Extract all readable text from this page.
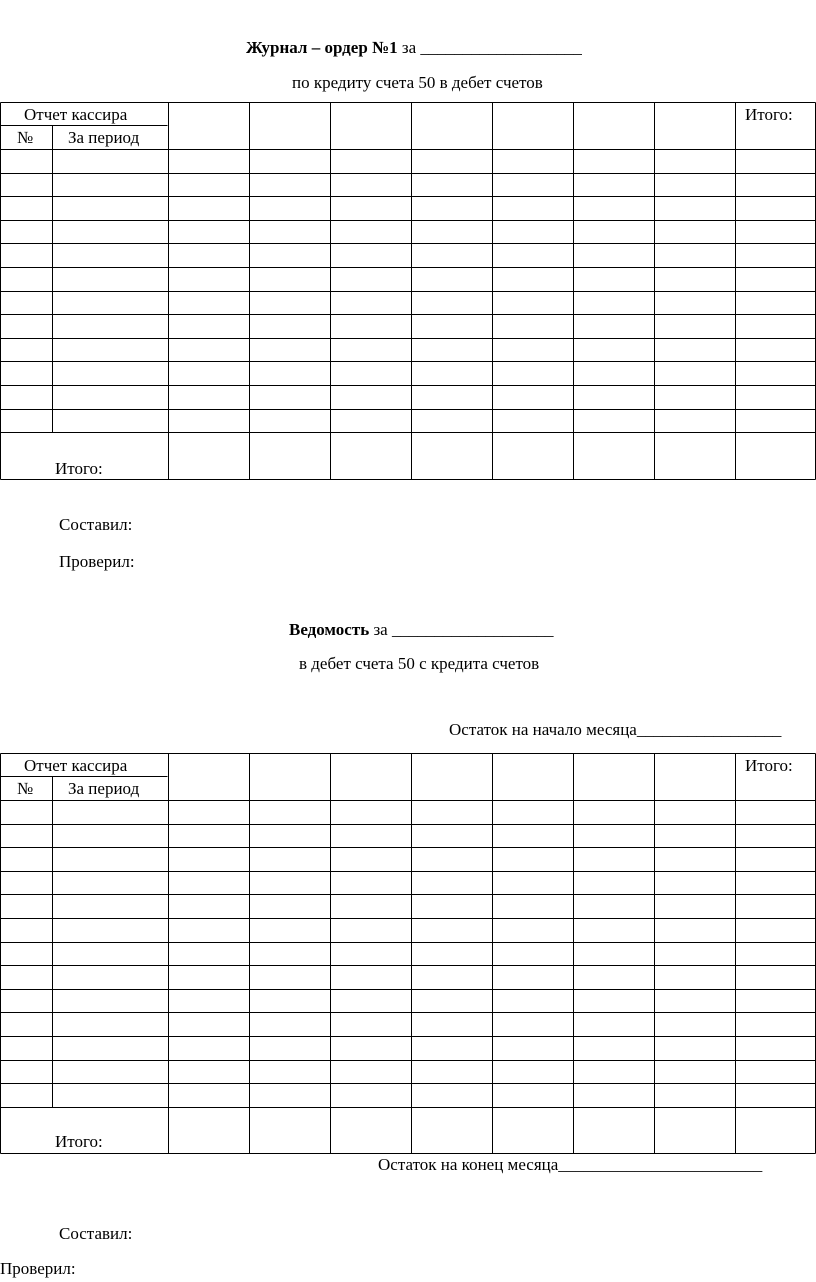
Журнал – ордер №1 за ___________________
по кредиту счета 50 в дебет счетов
Отчет кассира	Итого:
№ За период
Итого:
Составил:
Проверил:
Ведомость за ___________________
в дебет счета 50 с кредита счетов
Остаток на начало месяца_________________
Отчет кассира	Итого:
№ За период
Итого:
Остаток на конец месяца________________________
Составил:
Проверил:
